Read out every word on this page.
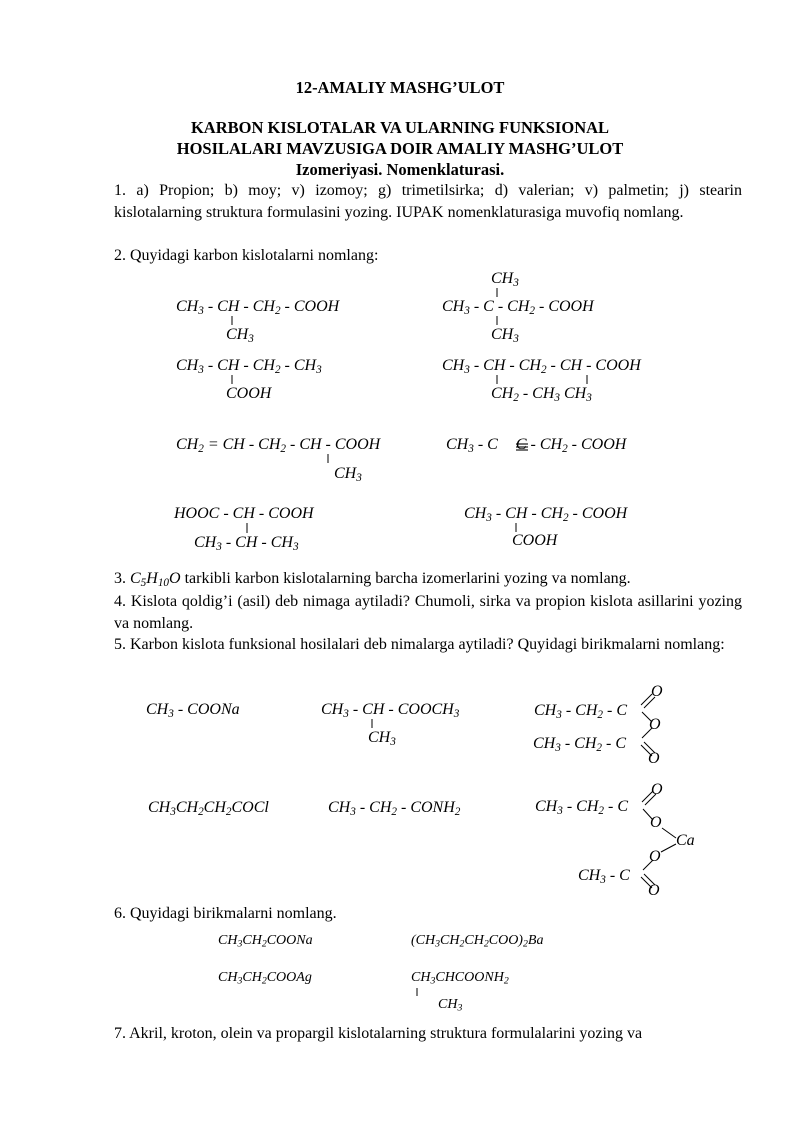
12-AMALIY MASHG’ULOT
KARBON KISLOTALAR VA ULARNING FUNKSIONAL
HOSILALARI MAVZUSIGA DOIR AMALIY MASHG’ULOT
Izomeriyasi. Nomenklaturasi.
1. a) Propion; b) moy; v) izomoy; g) trimetilsirka; d) valerian; v) palmetin; j) stearin kislotalarning struktura formulasini yozing. IUPAK nomenklaturasiga muvofiq nomlang.
2. Quyidagi karbon kislotalarni nomlang:
$CH_3$ - CH - $CH_2$ - COOH
$CH_3$
$CH_3$
$CH_3$ - C - $CH_2$ - COOH
$CH_3$
$CH_3$ - CH - $CH_2 - CH_3$
COOH
$CH_3$ - CH - $CH_2$ - CH - COOH
$CH_2 - CH_3$ $CH_3$
$CH_2$ = CH - $CH_2$ - CH - COOH
$CH_3$
$CH_3$ - C C - $CH_2$ - COOH
HOOC - CH - COOH
$CH_3$ - CH - $CH_3$
$CH_3$ - CH - $CH_2$ - COOH
COOH
3. $C_5H_{10}O$ tarkibli karbon kislotalarning barcha izomerlarini yozing va nomlang.
4. Kislota qoldig’i (asil) deb nimaga aytiladi? Chumoli, sirka va propion kislota asillarini yozing va nomlang.
5. Karbon kislota funksional hosilalari deb nimalarga aytiladi? Quyidagi birikmalarni nomlang:
$CH_3$ - COONa	$CH_3$ - CH - $COOCH_3$
$CH_3$
$CH_3 - CH_2$ - C
O
O
$CH_3 - CH_2$ - C
O
$CH_3CH_2CH_2COCl$	$CH_3 - CH_2$ - $CONH_2$	$CH_3 - CH_2$ - C
O
O
Ca
O
$CH_3$ - C
O
6. Quyidagi birikmalarni nomlang.
$CH_3CH_2COONa$	$(CH_3CH_2CH_2COO)_2Ba$
$CH_3CH_2COOAg$	$CH_3CHCOONH_2$
$CH_3$
7. Akril, kroton, olein va propargil kislotalarning struktura formulalarini yozing va
